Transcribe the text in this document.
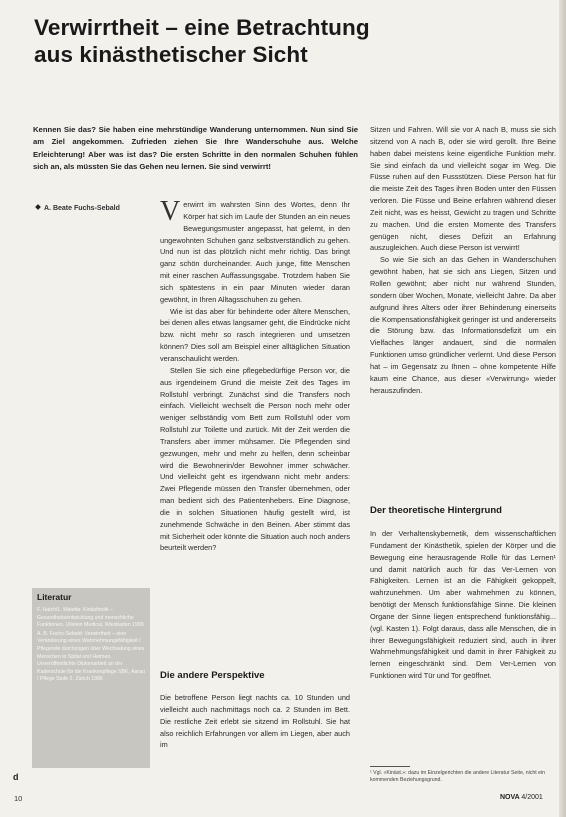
Verwirrtheit – eine Betrachtung
aus kinästhetischer Sicht

Kennen Sie das? Sie haben eine mehrstündige Wanderung unternommen. Nun sind Sie am Ziel angekommen. Zufrieden ziehen Sie Ihre Wanderschuhe aus. Welche Erleichterung! Aber was ist das? Die ersten Schritte in den normalen Schuhen fühlen sich an, als müssten Sie das Gehen neu lernen. Sie sind verwirrt!

A. Beate Fuchs-Sebald	Verwirrt im wahrsten Sinn des Wortes, denn Ihr Körper hat sich im Laufe der Stunden an ein neues Bewegungsmuster angepasst, hat gelernt, in den ungewohnten Schuhen ganz selbstverständlich zu gehen. Und nun ist das plötzlich nicht mehr richtig. Das bringt ganz schön durcheinander. Auch junge, fitte Menschen mit einer raschen Auffassungsgabe. Trotzdem haben Sie sich spätestens in ein paar Minuten wieder daran gewöhnt, in Ihren Alltagsschuhen zu gehen.

Wie ist das aber für behinderte oder ältere Menschen, bei denen alles etwas langsamer geht, die Eindrücke nicht bzw. nicht mehr so rasch integrieren und umsetzen können? Dies soll am Beispiel einer alltäglichen Situation veranschaulicht werden.

Stellen Sie sich eine pflegebedürftige Person vor, die aus irgendeinem Grund die meiste Zeit des Tages im Rollstuhl verbringt. Zunächst sind die Transfers noch einfach. Vielleicht wechselt die Person noch mehr oder weniger selbständig vom Bett zum Rollstuhl oder vom Rollstuhl zur Toilette und zurück. Mit der Zeit werden die Transfers aber immer mühsamer. Die Pflegenden sind gezwungen, mehr und mehr zu helfen, denn scheinbar wird die Bewohnerin/der Bewohner immer schwächer. Und vielleicht geht es irgendwann nicht mehr anders: Zwei Pflegende müssen den Transfer übernehmen, oder man bedient sich des Patientenhebers. Eine Diagnose, die in solchen Situationen häufig gestellt wird, ist zunehmende Schwäche in den Beinen. Aber stimmt das mit Sicherheit oder könnte die Situation auch noch anders beurteilt werden?

Die andere Perspektive

Die betroffene Person liegt nachts ca. 10 Stunden und vielleicht auch nachmittags noch ca. 2 Stunden im Bett. Die restliche Zeit erlebt sie sitzend im Rollstuhl. Sie hat also reichlich Erfahrungen vor allem im Liegen, aber auch im

Sitzen und Fahren. Will sie vor A nach B, muss sie sich sitzend von A nach B, oder sie wird gerollt. Ihre Beine haben dabei meistens keine eigentliche Funktion mehr. Sie sind einfach da und vielleicht sogar im Weg. Die Füsse ruhen auf den Fussstützen. Diese Person hat für die meiste Zeit des Tages ihren Boden unter den Füssen verloren. Die Füsse und Beine erfahren während dieser Zeit nicht, was es heisst, Gewicht zu tragen und Schritte zu machen. Und die ersten Momente des Transfers genügen nicht, dieses Defizit an Erfahrung auszugleichen. Auch diese Person ist verwirrt!

So wie Sie sich an das Gehen in Wanderschuhen gewöhnt haben, hat sie sich ans Liegen, Sitzen und Rollen gewöhnt; aber nicht nur während Stunden, sondern über Wochen, Monate, vielleicht Jahre. Da aber aufgrund ihres Alters oder ihrer Behinderung einerseits die Kompensationsfähigkeit geringer ist und andererseits die Störung bzw. das Informationsdefizit um ein Vielfaches länger andauert, sind die normalen Funktionen umso gründlicher verlernt. Und diese Person hat – im Gegensatz zu Ihnen – ohne kompetente Hilfe kaum eine Chance, aus dieser «Verwirrung» wieder herauszufinden.

Der theoretische Hintergrund

In der Verhaltenskybernetik, dem wissenschaftlichen Fundament der Kinästhetik, spielen der Körper und die Bewegung eine herausragende Rolle für das Lernen¹ und damit natürlich auch für das Ver-Lernen von Fähigkeiten. Lernen ist an die Fähigkeit gekoppelt, wahrzunehmen. Um aber wahrnehmen zu können, benötigt der Mensch funktionsfähige Sinne. Die kleinen Organe der Sinne liegen entsprechend funktionsfähig... (vgl. Kasten 1). Folgt daraus, dass alle Menschen, die in ihrer Bewegungsfähigkeit reduziert sind, auch in ihrer Wahrnehmungsfähigkeit und damit in ihrer Fähigkeit zu lernen eingeschränkt sind. Dem Ver-Lernen von Funktionen wird Tür und Tor geöffnet.

Literatur

F. Hatch/L. Maietta: Kinästhetik – Gesundheitsentwicklung und menschliche Funktionen. Ullstein Medical, Wiesbaden 1999

A. B. Fuchs-Sebald: Verwirrtheit – eine Veränderung eines Wahrnehmungsfähigkeit / Pflegende durchzogen über Wechselung eines Menschen in Spital und Heimen. Unveröffentlichte Diplomarbeit an der Kaderschule für die Krankenpflege SBK, Aarau / Pflege Stufe 2, Zürich 1996

¹ Vgl. «Kinäst.»: dazu im Einzelgerichten die andere Literatur Seite, nicht ein kommenden Beziehungsgrund.
d
10	NOVA 4/2001
